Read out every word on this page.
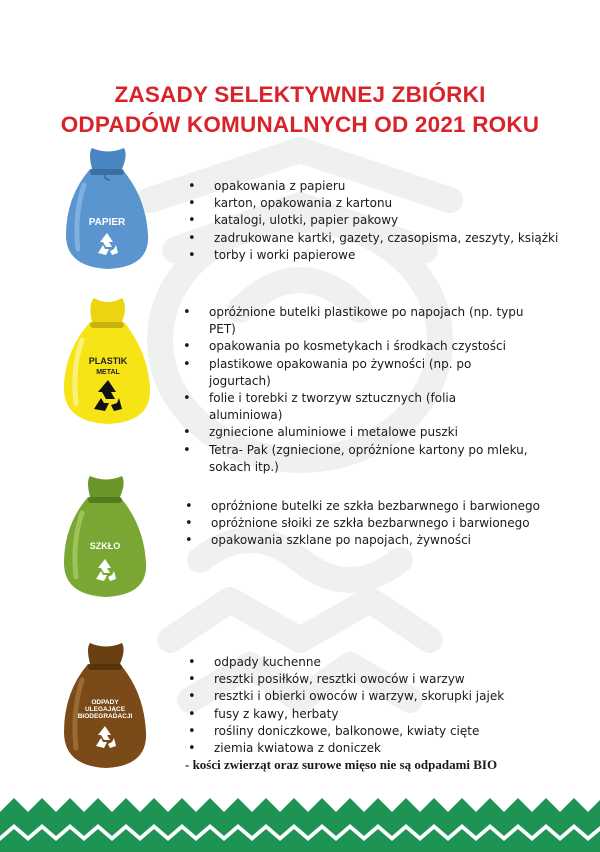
ZASADY SELEKTYWNEJ ZBIÓRKI
ODPADÓW KOMUNALNYCH OD 2021 ROKU
PAPIER
• opakowania z papieru
• karton, opakowania z kartonu
• katalogi, ulotki, papier pakowy
• zadrukowane kartki, gazety, czasopisma, zeszyty, książki
• torby i worki papierowe
PLASTIK
METAL
• opróżnione butelki plastikowe po napojach (np. typu PET)
• opakowania po kosmetykach i środkach czystości
• plastikowe opakowania po żywności (np. po jogurtach)
• folie i torebki z tworzyw sztucznych (folia aluminiowa)
• zgniecione aluminiowe i metalowe puszki
• Tetra- Pak (zgniecione, opróżnione kartony po mleku, sokach itp.)
SZKŁO
• opróżnione butelki ze szkła bezbarwnego i barwionego
• opróżnione słoiki ze szkła bezbarwnego i barwionego
• opakowania szklane po napojach, żywności
ODPADY
ULEGAJĄCE
BIODEGRADACJI
• odpady kuchenne
• resztki posiłków, resztki owoców i warzyw
• resztki i obierki owoców i warzyw, skorupki jajek
• fusy z kawy, herbaty
• rośliny doniczkowe, balkonowe, kwiaty cięte
• ziemia kwiatowa z doniczek
- kości zwierząt oraz surowe mięso nie są odpadami BIO
